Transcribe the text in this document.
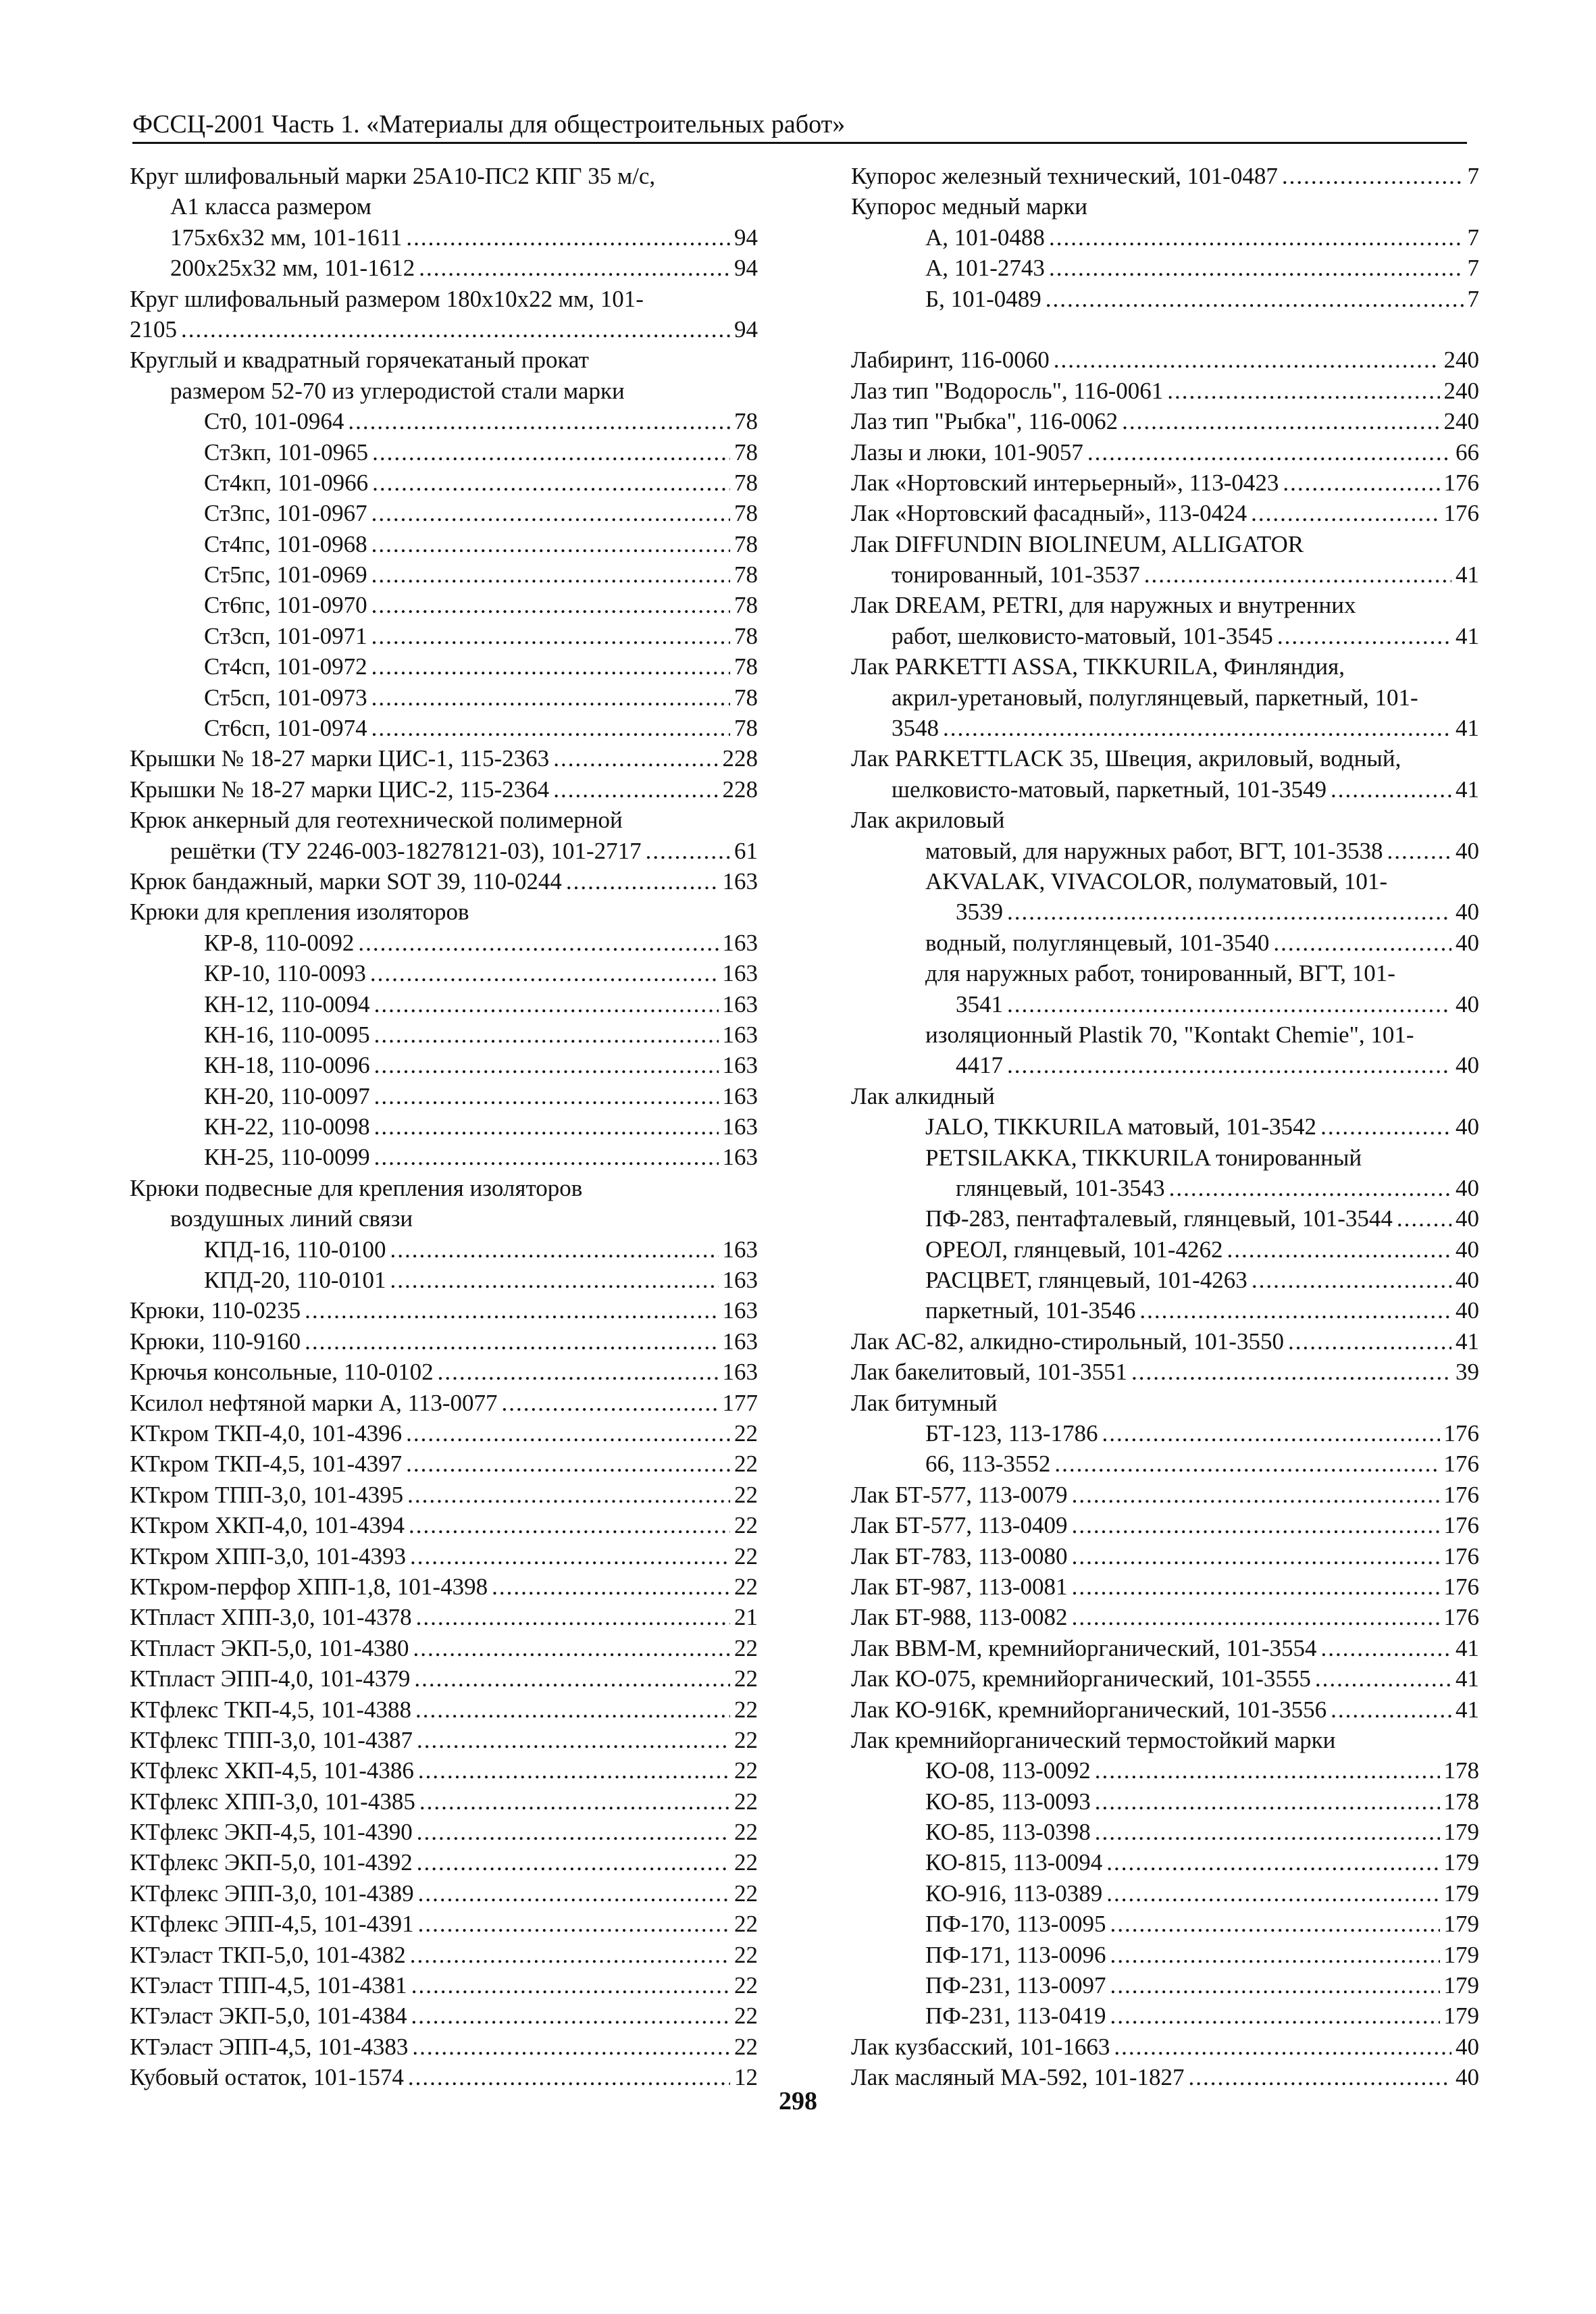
ФССЦ-2001 Часть 1. «Материалы для общестроительных работ»
Круг шлифовальный марки 25А10-ПС2 КПГ 35 м/с,
А1 класса размером
175х6х32 мм, 101-1611 .....	94
200х25х32 мм, 101-1612 .....	94
Круг шлифовальный размером 180х10х22 мм, 101-
2105 .....	94
Круглый и квадратный горячекатаный прокат
размером 52-70 из углеродистой стали марки
Ст0, 101-0964 .....	78
Ст3кп, 101-0965 .....	78
Ст4кп, 101-0966 .....	78
Ст3пс, 101-0967 .....	78
Ст4пс, 101-0968 .....	78
Ст5пс, 101-0969 .....	78
Ст6пс, 101-0970 .....	78
Ст3сп, 101-0971 .....	78
Ст4сп, 101-0972 .....	78
Ст5сп, 101-0973 .....	78
Ст6сп, 101-0974 .....	78
Крышки № 18-27 марки ЦИС-1, 115-2363 .....	228
Крышки № 18-27 марки ЦИС-2, 115-2364 .....	228
Крюк анкерный для геотехнической полимерной
решётки (ТУ 2246-003-18278121-03), 101-2717 .....	61
Крюк бандажный, марки SOT 39, 110-0244 .....	163
Крюки для крепления изоляторов
КР-8, 110-0092 .....	163
КР-10, 110-0093 .....	163
КН-12, 110-0094 .....	163
КН-16, 110-0095 .....	163
КН-18, 110-0096 .....	163
КН-20, 110-0097 .....	163
КН-22, 110-0098 .....	163
КН-25, 110-0099 .....	163
Крюки подвесные для крепления изоляторов
воздушных линий связи
КПД-16, 110-0100 .....	163
КПД-20, 110-0101 .....	163
Крюки, 110-0235 .....	163
Крюки, 110-9160 .....	163
Крючья консольные, 110-0102 .....	163
Ксилол нефтяной марки А, 113-0077 .....	177
КТкром ТКП-4,0, 101-4396 .....	22
КТкром ТКП-4,5, 101-4397 .....	22
КТкром ТПП-3,0, 101-4395 .....	22
КТкром ХКП-4,0, 101-4394 .....	22
КТкром ХПП-3,0, 101-4393 .....	22
КТкром-перфор ХПП-1,8, 101-4398 .....	22
КТпласт ХПП-3,0, 101-4378 .....	21
КТпласт ЭКП-5,0, 101-4380 .....	22
КТпласт ЭПП-4,0, 101-4379 .....	22
КТфлекс ТКП-4,5, 101-4388 .....	22
КТфлекс ТПП-3,0, 101-4387 .....	22
КТфлекс ХКП-4,5, 101-4386 .....	22
КТфлекс ХПП-3,0, 101-4385 .....	22
КТфлекс ЭКП-4,5, 101-4390 .....	22
КТфлекс ЭКП-5,0, 101-4392 .....	22
КТфлекс ЭПП-3,0, 101-4389 .....	22
КТфлекс ЭПП-4,5, 101-4391 .....	22
КТэласт ТКП-5,0, 101-4382 .....	22
КТэласт ТПП-4,5, 101-4381 .....	22
КТэласт ЭКП-5,0, 101-4384 .....	22
КТэласт ЭПП-4,5, 101-4383 .....	22
Кубовый остаток, 101-1574 .....	12
Купорос железный технический, 101-0487 .....	7
Купорос медный марки
А, 101-0488 .....	7
А, 101-2743 .....	7
Б, 101-0489 .....	7
Лабиринт, 116-0060 .....	240
Лаз тип "Водоросль", 116-0061 .....	240
Лаз тип "Рыбка", 116-0062 .....	240
Лазы и люки, 101-9057 .....	66
Лак «Нортовский интерьерный», 113-0423 .....	176
Лак «Нортовский фасадный», 113-0424 .....	176
Лак DIFFUNDIN BIOLINEUM, ALLIGATOR
тонированный, 101-3537 .....	41
Лак DREAM, PETRI, для наружных и внутренних
работ, шелковисто-матовый, 101-3545 .....	41
Лак PARKETTI ASSA, TIKKURILA, Финляндия,
акрил-уретановый, полуглянцевый, паркетный, 101-
3548 .....	41
Лак PARKETTLACK 35, Швеция, акриловый, водный,
шелковисто-матовый, паркетный, 101-3549 .....	41
Лак акриловый
матовый, для наружных работ, ВГТ, 101-3538 .....	40
AKVALAK, VIVACOLOR, полуматовый, 101-
3539 .....	40
водный, полуглянцевый, 101-3540 .....	40
для наружных работ, тонированный, ВГТ, 101-
3541 .....	40
изоляционный Plastik 70, "Kontakt Chemie", 101-
4417 .....	40
Лак алкидный
JALO, TIKKURILA матовый, 101-3542 .....	40
PETSILAKKA, TIKKURILA тонированный
глянцевый, 101-3543 .....	40
ПФ-283, пентафталевый, глянцевый, 101-3544 .....	40
ОРЕОЛ, глянцевый, 101-4262 .....	40
РАСЦВЕТ, глянцевый, 101-4263 .....	40
паркетный, 101-3546 .....	40
Лак АС-82, алкидно-стирольный, 101-3550 .....	41
Лак бакелитовый, 101-3551 .....	39
Лак битумный
БТ-123, 113-1786 .....	176
66, 113-3552 .....	176
Лак БТ-577, 113-0079 .....	176
Лак БТ-577, 113-0409 .....	176
Лак БТ-783, 113-0080 .....	176
Лак БТ-987, 113-0081 .....	176
Лак БТ-988, 113-0082 .....	176
Лак ВВМ-М, кремнийорганический, 101-3554 .....	41
Лак КО-075, кремнийорганический, 101-3555 .....	41
Лак КО-916К, кремнийорганический, 101-3556 .....	41
Лак кремнийорганический термостойкий марки
КО-08, 113-0092 .....	178
КО-85, 113-0093 .....	178
КО-85, 113-0398 .....	179
КО-815, 113-0094 .....	179
КО-916, 113-0389 .....	179
ПФ-170, 113-0095 .....	179
ПФ-171, 113-0096 .....	179
ПФ-231, 113-0097 .....	179
ПФ-231, 113-0419 .....	179
Лак кузбасский, 101-1663 .....	40
Лак масляный МА-592, 101-1827 .....	40
298
